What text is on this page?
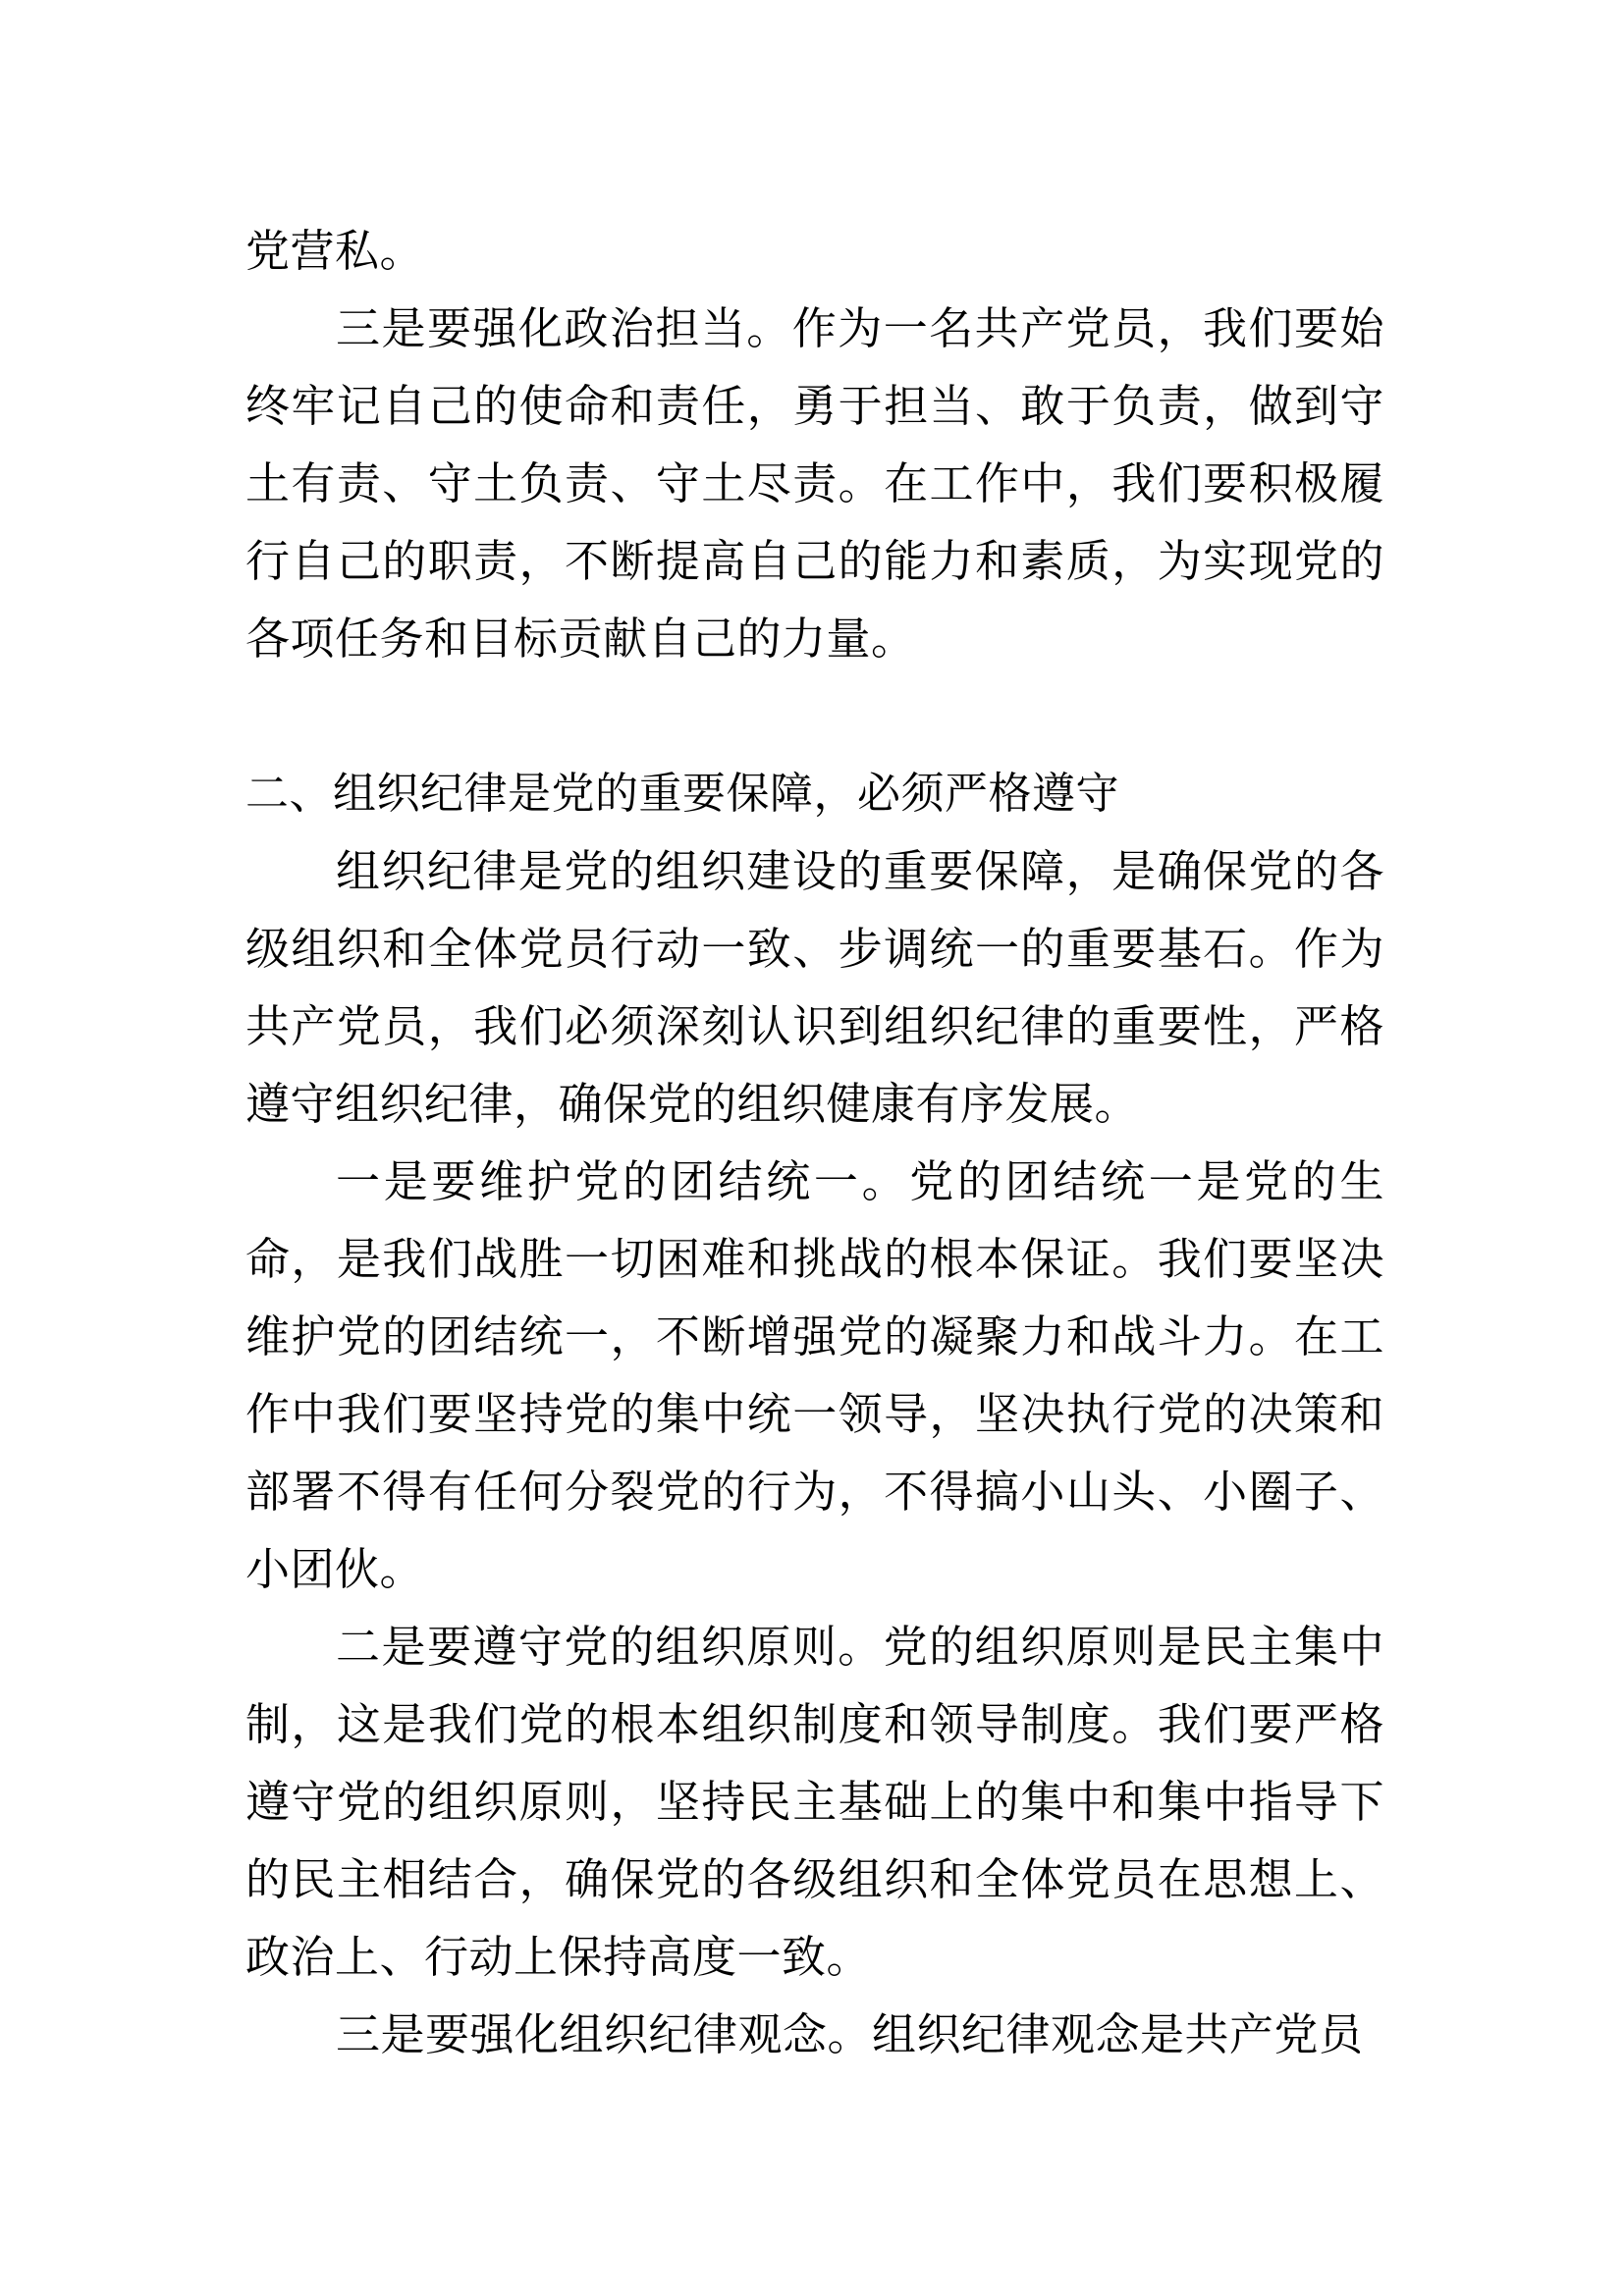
党营私。

三是要强化政治担当。作为一名共产党员，我们要始终牢记自己的使命和责任，勇于担当、敢于负责，做到守土有责、守土负责、守土尽责。在工作中，我们要积极履行自己的职责，不断提高自己的能力和素质，为实现党的各项任务和目标贡献自己的力量。

二、组织纪律是党的重要保障，必须严格遵守

组织纪律是党的组织建设的重要保障，是确保党的各级组织和全体党员行动一致、步调统一的重要基石。作为共产党员，我们必须深刻认识到组织纪律的重要性，严格遵守组织纪律，确保党的组织健康有序发展。

一是要维护党的团结统一。党的团结统一是党的生命，是我们战胜一切困难和挑战的根本保证。我们要坚决维护党的团结统一，不断增强党的凝聚力和战斗力。在工作中我们要坚持党的集中统一领导，坚决执行党的决策和部署不得有任何分裂党的行为，不得搞小山头、小圈子、小团伙。

二是要遵守党的组织原则。党的组织原则是民主集中制，这是我们党的根本组织制度和领导制度。我们要严格遵守党的组织原则，坚持民主基础上的集中和集中指导下的民主相结合，确保党的各级组织和全体党员在思想上、政治上、行动上保持高度一致。

三是要强化组织纪律观念。组织纪律观念是共产党员
